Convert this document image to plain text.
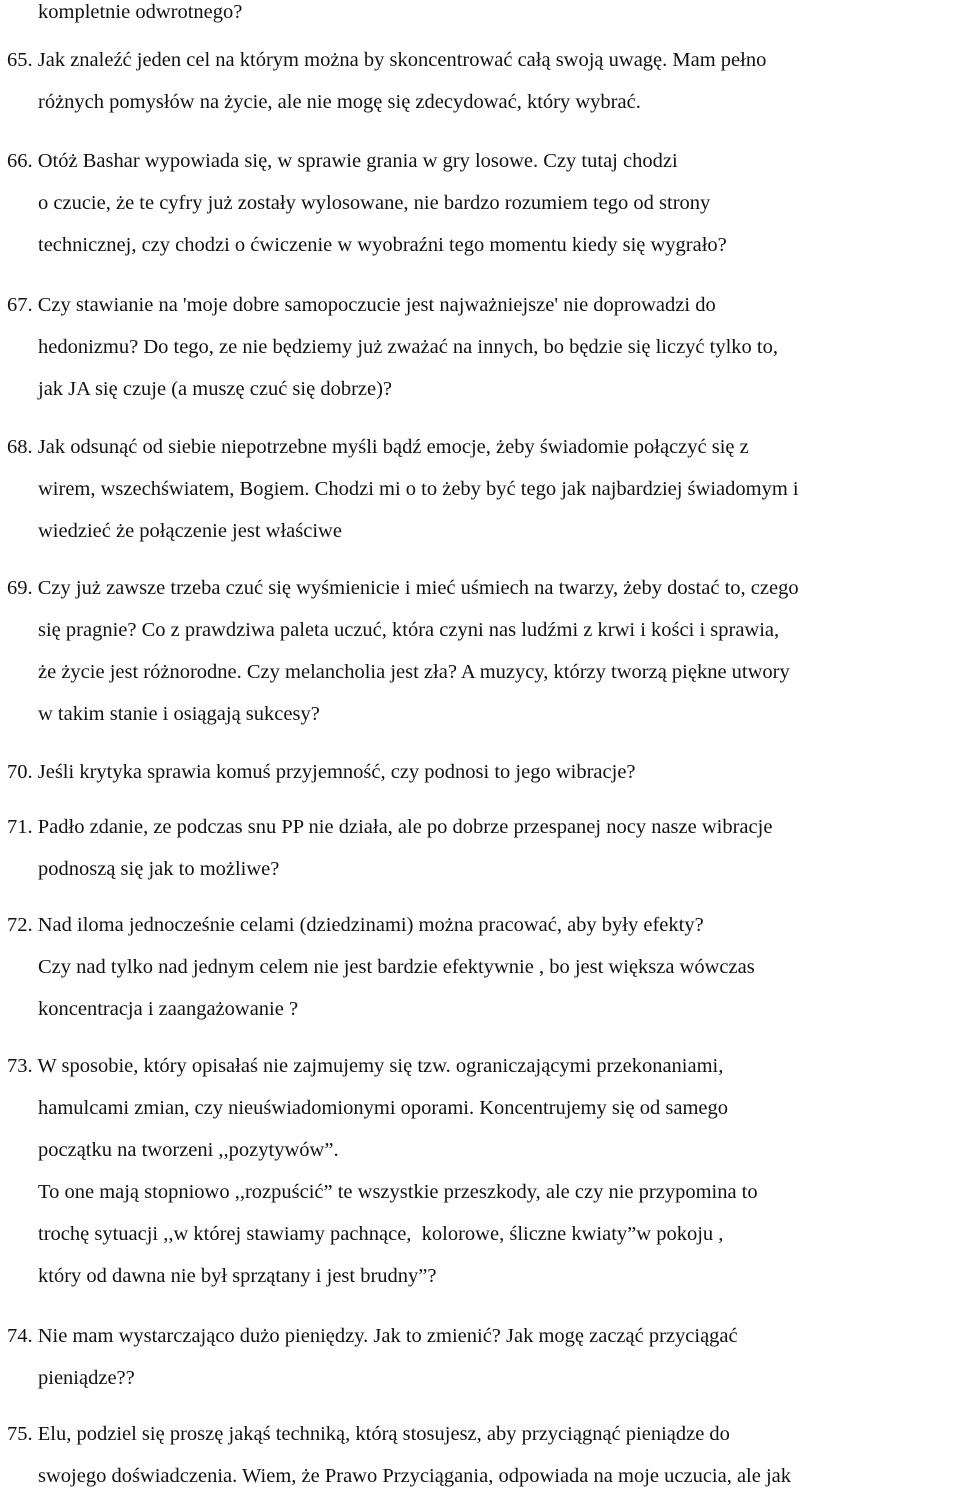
kompletnie odwrotnego?
65. Jak znaleźć jeden cel na którym można by skoncentrować całą swoją uwagę. Mam pełno
różnych pomysłów na życie, ale nie mogę się zdecydować, który wybrać.
66. Otóż Bashar wypowiada się, w sprawie grania w gry losowe. Czy tutaj chodzi
o czucie, że te cyfry już zostały wylosowane, nie bardzo rozumiem tego od strony
technicznej, czy chodzi o ćwiczenie w wyobraźni tego momentu kiedy się wygrało?
67. Czy stawianie na 'moje dobre samopoczucie jest najważniejsze' nie doprowadzi do
hedonizmu? Do tego, ze nie będziemy już zważać na innych, bo będzie się liczyć tylko to,
jak JA się czuje (a muszę czuć się dobrze)?
68. Jak odsunąć od siebie niepotrzebne myśli bądź emocje, żeby świadomie połączyć się z
wirem, wszechświatem, Bogiem. Chodzi mi o to żeby być tego jak najbardziej świadomym i
wiedzieć że połączenie jest właściwe
69. Czy już zawsze trzeba czuć się wyśmienicie i mieć uśmiech na twarzy, żeby dostać to, czego
się pragnie? Co z prawdziwa paleta uczuć, która czyni nas ludźmi z krwi i kości i sprawia,
że życie jest różnorodne. Czy melancholia jest zła? A muzycy, którzy tworzą piękne utwory
w takim stanie i osiągają sukcesy?
70. Jeśli krytyka sprawia komuś przyjemność, czy podnosi to jego wibracje?
71. Padło zdanie, ze podczas snu PP nie działa, ale po dobrze przespanej nocy nasze wibracje
podnoszą się jak to możliwe?
72. Nad iloma jednocześnie celami (dziedzinami) można pracować, aby były efekty?
Czy nad tylko nad jednym celem nie jest bardzie efektywnie , bo jest większa wówczas
koncentracja i zaangażowanie ?
73. W sposobie, który opisałaś nie zajmujemy się tzw. ograniczającymi przekonaniami,
hamulcami zmian, czy nieuświadomionymi oporami. Koncentrujemy się od samego
początku na tworzeni ,,pozytywów”.
To one mają stopniowo ,,rozpuścić” te wszystkie przeszkody, ale czy nie przypomina to
trochę sytuacji ,,w której stawiamy pachnące,  kolorowe, śliczne kwiaty”w pokoju ,
który od dawna nie był sprzątany i jest brudny”?
74. Nie mam wystarczająco dużo pieniędzy. Jak to zmienić? Jak mogę zacząć przyciągać
pieniądze??
75. Elu, podziel się proszę jakąś techniką, którą stosujesz, aby przyciągnąć pieniądze do
swojego doświadczenia. Wiem, że Prawo Przyciągania, odpowiada na moje uczucia, ale jak
